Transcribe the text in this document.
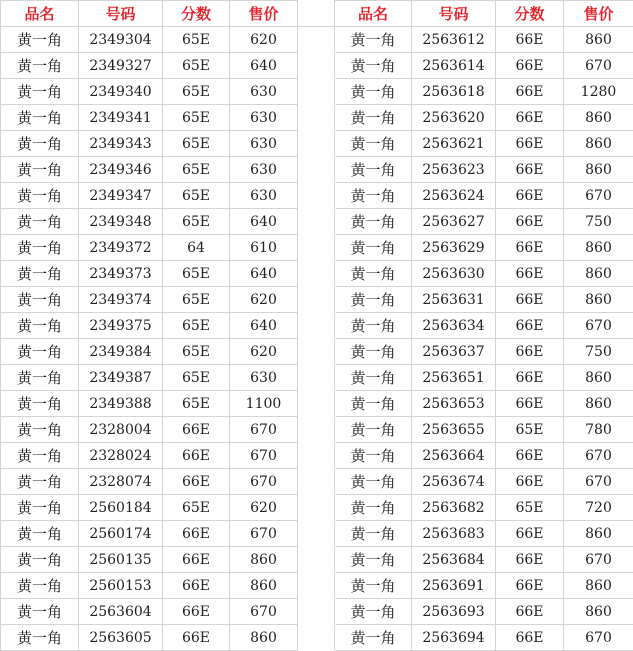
品名	号码	分数	售价		品名	号码	分数	售价
黄一角	2349304	65E	620		黄一角	2563612	66E	860
黄一角	2349327	65E	640		黄一角	2563614	66E	670
黄一角	2349340	65E	630		黄一角	2563618	66E	1280
黄一角	2349341	65E	630		黄一角	2563620	66E	860
黄一角	2349343	65E	630		黄一角	2563621	66E	860
黄一角	2349346	65E	630		黄一角	2563623	66E	860
黄一角	2349347	65E	630		黄一角	2563624	66E	670
黄一角	2349348	65E	640		黄一角	2563627	66E	750
黄一角	2349372	64	610		黄一角	2563629	66E	860
黄一角	2349373	65E	640		黄一角	2563630	66E	860
黄一角	2349374	65E	620		黄一角	2563631	66E	860
黄一角	2349375	65E	640		黄一角	2563634	66E	670
黄一角	2349384	65E	620		黄一角	2563637	66E	750
黄一角	2349387	65E	630		黄一角	2563651	66E	860
黄一角	2349388	65E	1100		黄一角	2563653	66E	860
黄一角	2328004	66E	670		黄一角	2563655	65E	780
黄一角	2328024	66E	670		黄一角	2563664	66E	670
黄一角	2328074	66E	670		黄一角	2563674	66E	670
黄一角	2560184	65E	620		黄一角	2563682	65E	720
黄一角	2560174	66E	670		黄一角	2563683	66E	860
黄一角	2560135	66E	860		黄一角	2563684	66E	670
黄一角	2560153	66E	860		黄一角	2563691	66E	860
黄一角	2563604	66E	670		黄一角	2563693	66E	860
黄一角	2563605	66E	860		黄一角	2563694	66E	670
